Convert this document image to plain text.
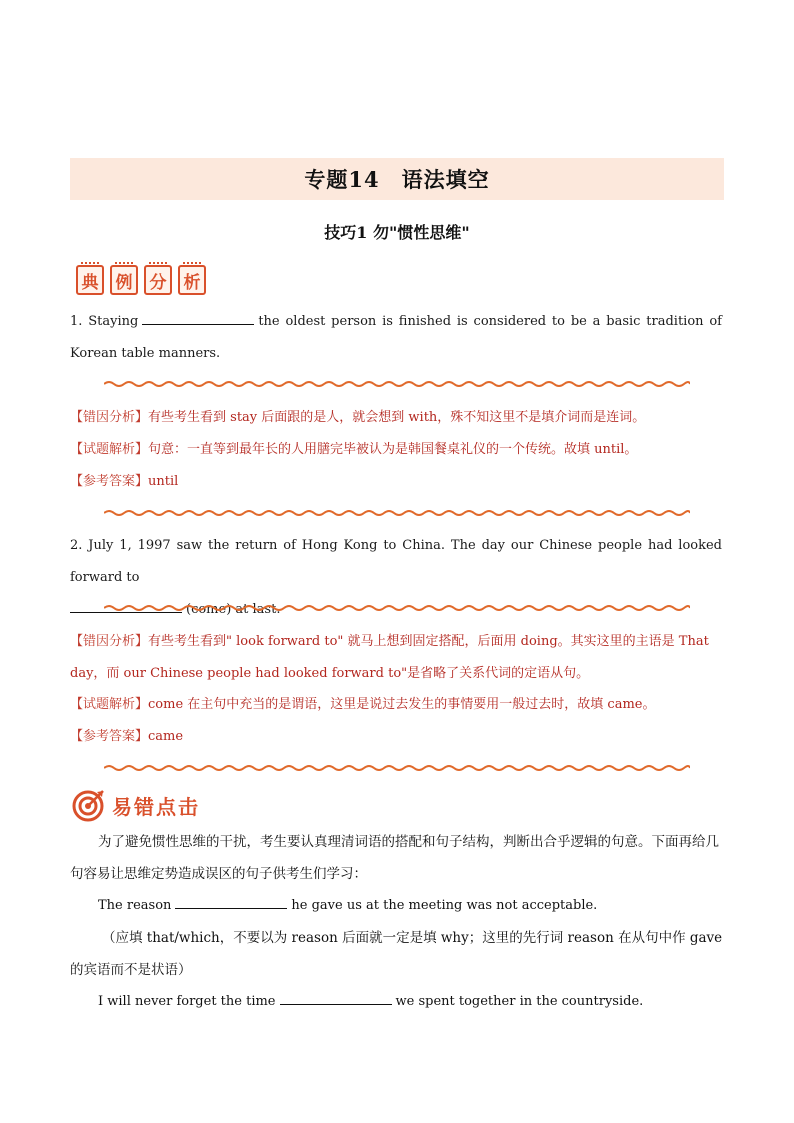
专题14 语法填空
技巧1 勿"惯性思维"
典	例	分	析
1. Staying	the oldest person is finished is considered to be a basic tradition of Korean table manners.
【错因分析】有些考生看到 stay 后面跟的是人，就会想到 with，殊不知这里不是填介词而是连词。
【试题解析】句意：一直等到最年长的人用膳完毕被认为是韩国餐桌礼仪的一个传统。故填 until。
【参考答案】until
2. July 1, 1997 saw the return of Hong Kong to China. The day our Chinese people had looked forward to
(come) at last.
【错因分析】有些考生看到" look forward to" 就马上想到固定搭配，后面用 doing。其实这里的主语是 That day，而 our Chinese people had looked forward to"是省略了关系代词的定语从句。
【试题解析】come 在主句中充当的是谓语，这里是说过去发生的事情要用一般过去时，故填 came。
【参考答案】came
易错点击
为了避免惯性思维的干扰，考生要认真理清词语的搭配和句子结构，判断出合乎逻辑的句意。下面再给几句容易让思维定势造成误区的句子供考生们学习：
The reason	he gave us at the meeting was not acceptable.
（应填 that/which，不要以为 reason 后面就一定是填 why；这里的先行词 reason 在从句中作 gave 的宾语而不是状语）
I will never forget the time	we spent together in the countryside.
